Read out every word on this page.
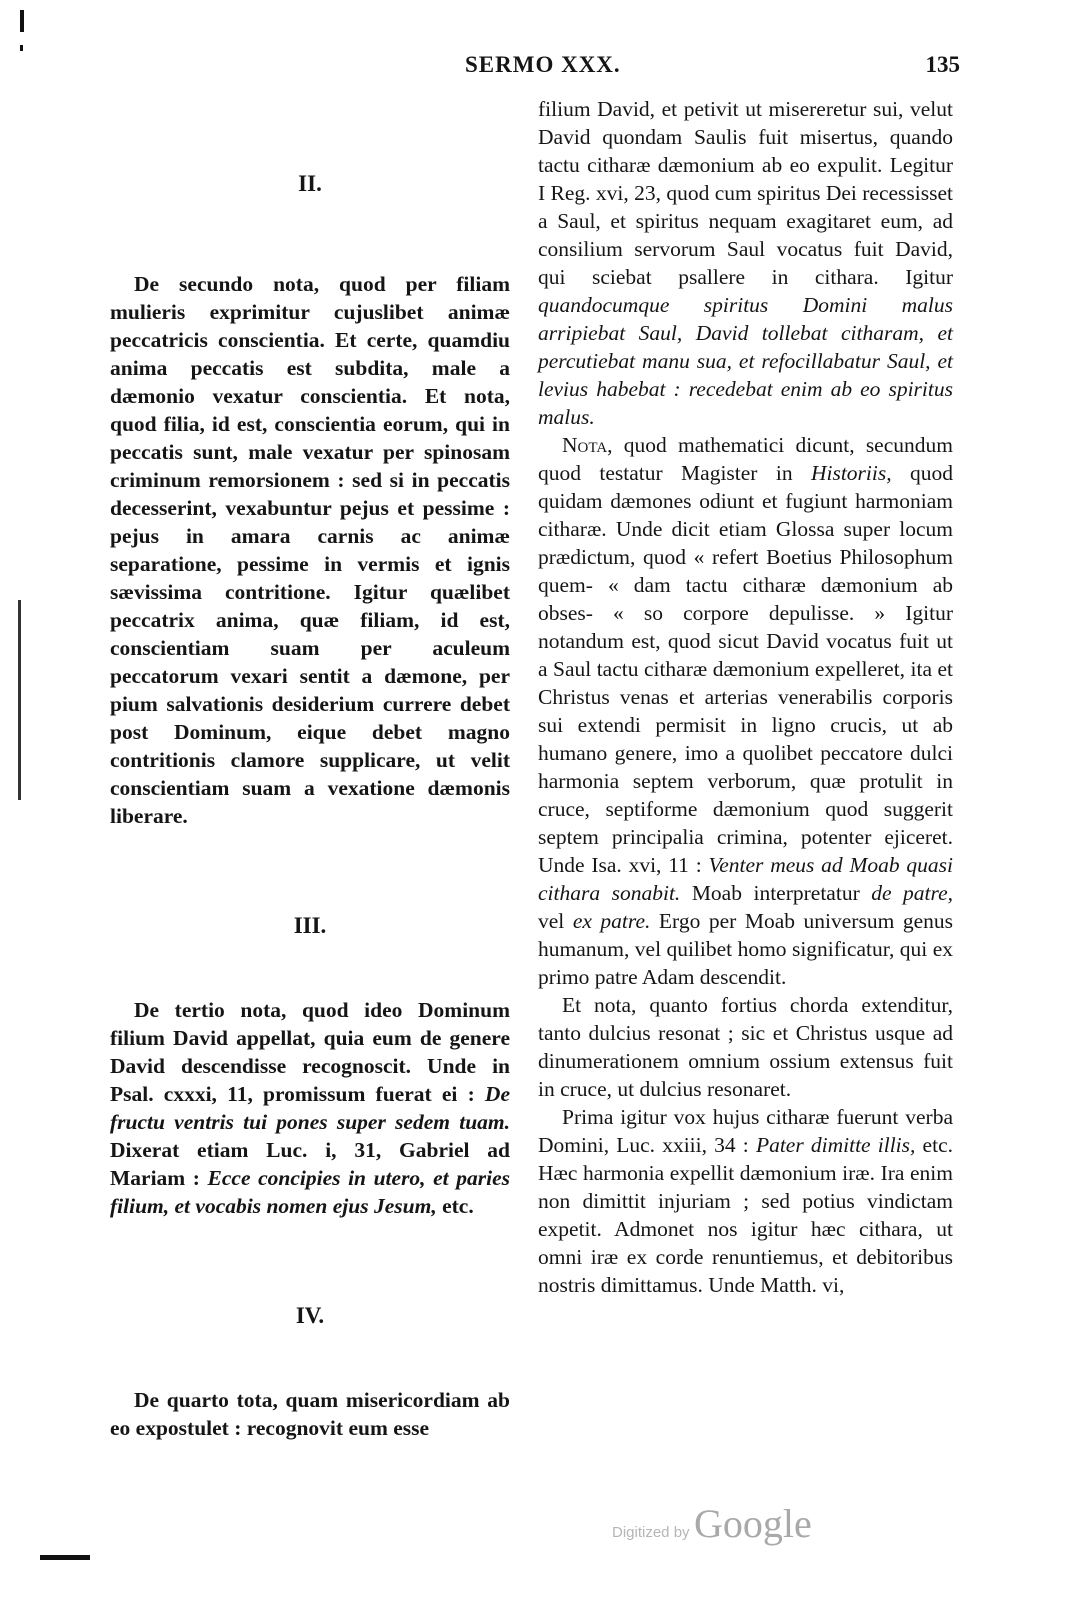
SERMO XXX.	135
II.

De secundo nota, quod per filiam mulieris exprimitur cujuslibet animæ peccatricis conscientia. Et certe, quamdiu anima peccatis est subdita, male a dæmonio vexatur conscientia. Et nota, quod filia, id est, conscientia eorum, qui in peccatis sunt, male vexatur per spinosam criminum remorsionem : sed si in peccatis decesserint, vexabuntur pejus et pessime : pejus in amara carnis ac animæ separatione, pessime in vermis et ignis sævissima contritione. Igitur quælibet peccatrix anima, quæ filiam, id est, conscientiam suam per aculeum peccatorum vexari sentit a dæmone, per pium salvationis desiderium currere debet post Dominum, eique debet magno contritionis clamore supplicare, ut velit conscientiam suam a vexatione dæmonis liberare.

III.

De tertio nota, quod ideo Dominum filium David appellat, quia eum de genere David descendisse recognoscit. Unde in Psal. cxxxi, 11, promissum fuerat ei : De fructu ventris tui pones super sedem tuam. Dixerat etiam Luc. i, 31, Gabriel ad Mariam : Ecce concipies in utero, et paries filium, et vocabis nomen ejus Jesum, etc.

IV.

De quarto tota, quam misericordiam ab eo expostulet : recognovit eum esse

filium David, et petivit ut misereretur sui, velut David quondam Saulis fuit misertus, quando tactu citharæ dæmonium ab eo expulit. Legitur I Reg. xvi, 23, quod cum spiritus Dei recessisset a Saul, et spiritus nequam exagitaret eum, ad consilium servorum Saul vocatus fuit David, qui sciebat psallere in cithara. Igitur quandocumque spiritus Domini malus arripiebat Saul, David tollebat citharam, et percutiebat manu sua, et refocillabatur Saul, et levius habebat : recedebat enim ab eo spiritus malus.

Nota, quod mathematici dicunt, secundum quod testatur Magister in Historiis, quod quidam dæmones odiunt et fugiunt harmoniam citharæ. Unde dicit etiam Glossa super locum prædictum, quod « refert Boetius Philosophum quem- « dam tactu citharæ dæmonium ab obses- « so corpore depulisse. » Igitur notandum est, quod sicut David vocatus fuit ut a Saul tactu citharæ dæmonium expelleret, ita et Christus venas et arterias venerabilis corporis sui extendi permisit in ligno crucis, ut ab humano genere, imo a quolibet peccatore dulci harmonia septem verborum, quæ protulit in cruce, septiforme dæmonium quod suggerit septem principalia crimina, potenter ejiceret. Unde Isa. xvi, 11 : Venter meus ad Moab quasi cithara sonabit. Moab interpretatur de patre, vel ex patre. Ergo per Moab universum genus humanum, vel quilibet homo significatur, qui ex primo patre Adam descendit.

Et nota, quanto fortius chorda extenditur, tanto dulcius resonat ; sic et Christus usque ad dinumerationem omnium ossium extensus fuit in cruce, ut dulcius resonaret.

Prima igitur vox hujus citharæ fuerunt verba Domini, Luc. xxiii, 34 : Pater dimitte illis, etc. Hæc harmonia expellit dæmonium iræ. Ira enim non dimittit injuriam ; sed potius vindictam expetit. Admonet nos igitur hæc cithara, ut omni iræ ex corde renuntiemus, et debitoribus nostris dimittamus. Unde Matth. vi,

Digitized by Google
